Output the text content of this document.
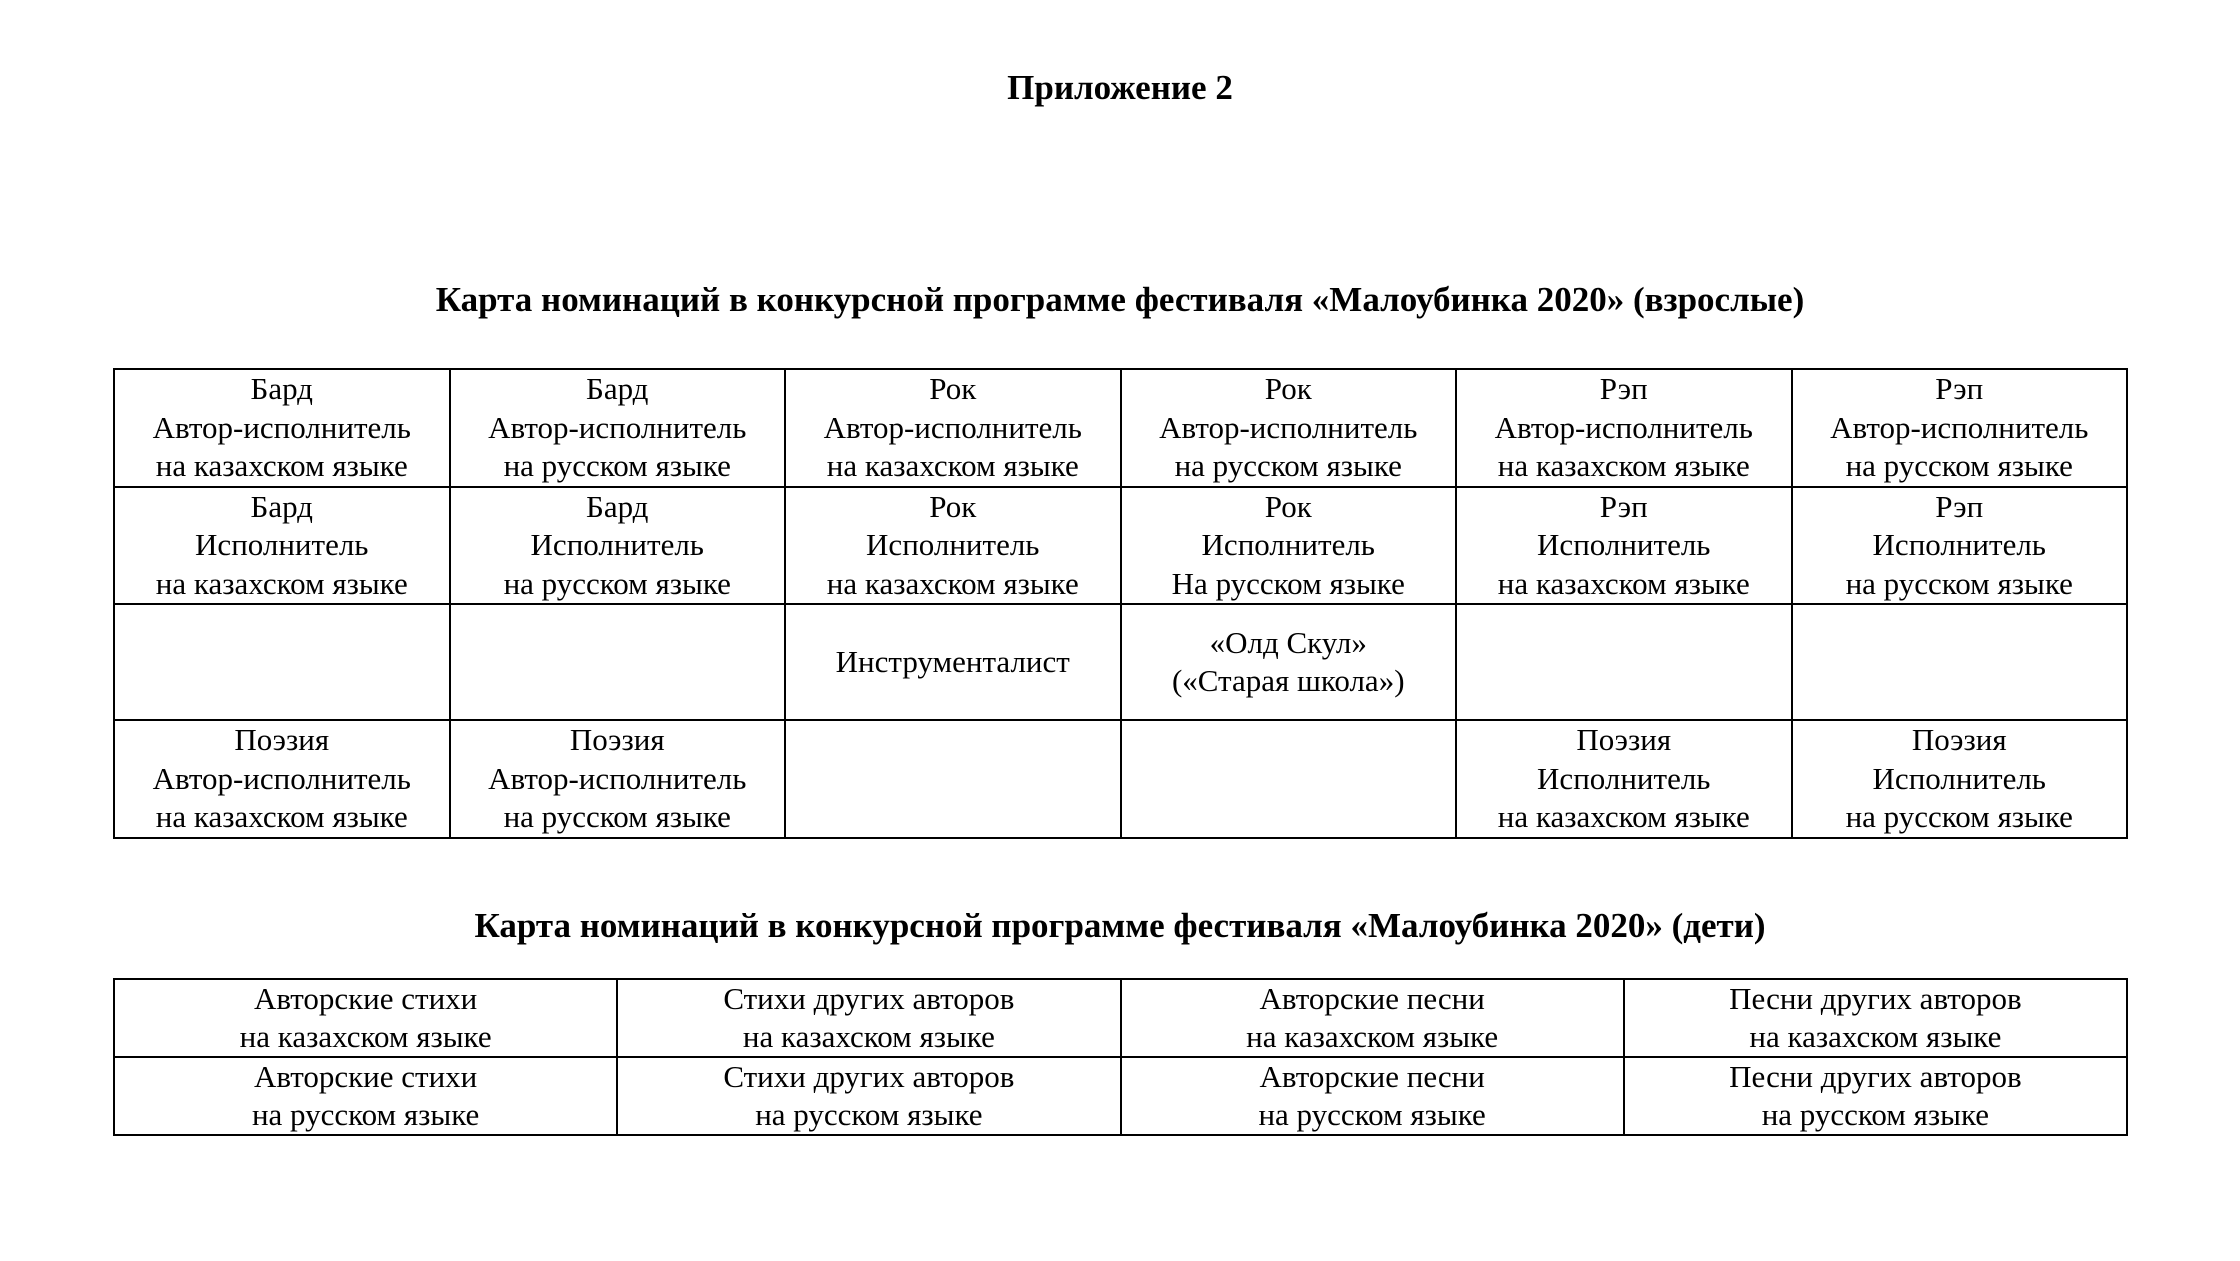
Приложение 2
Карта номинаций в конкурсной программе фестиваля «Малоубинка 2020» (взрослые)
Бард
Автор-исполнитель
на казахском языке	Бард
Автор-исполнитель
на русском языке	Рок
Автор-исполнитель
на казахском языке	Рок
Автор-исполнитель
на русском языке	Рэп
Автор-исполнитель
на казахском языке	Рэп
Автор-исполнитель
на русском языке

Бард
Исполнитель
на казахском языке	Бард
Исполнитель
на русском языке	Рок
Исполнитель
на казахском языке	Рок
Исполнитель
На русском языке	Рэп
Исполнитель
на казахском языке	Рэп
Исполнитель
на русском языке

		Инструменталист	«Олд Скул»
(«Старая школа»)		

Поэзия
Автор-исполнитель
на казахском языке	Поэзия
Автор-исполнитель
на русском языке			Поэзия
Исполнитель
на казахском языке	Поэзия
Исполнитель
на русском языке
Карта номинаций в конкурсной программе фестиваля «Малоубинка 2020» (дети)
Авторские стихи
на казахском языке	Стихи других авторов
на казахском языке	Авторские песни
на казахском языке	Песни других авторов
на казахском языке

Авторские стихи
на русском языке	Стихи других авторов
на русском языке	Авторские песни
на русском языке	Песни других авторов
на русском языке
